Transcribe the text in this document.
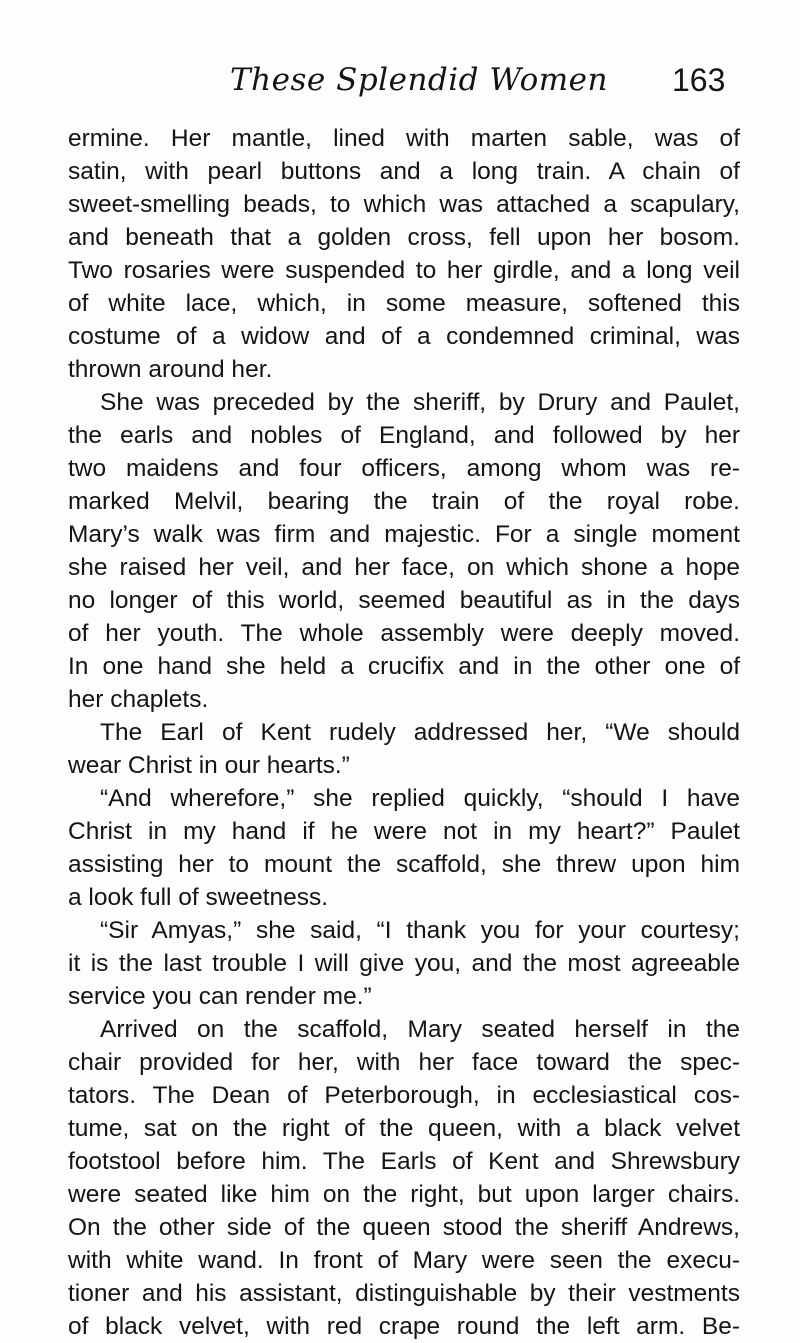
These Splendid Women 163
ermine. Her mantle, lined with marten sable, was of
satin, with pearl buttons and a long train. A chain of
sweet-smelling beads, to which was attached a scapulary,
and beneath that a golden cross, fell upon her bosom.
Two rosaries were suspended to her girdle, and a long veil
of white lace, which, in some measure, softened this
costume of a widow and of a condemned criminal, was
thrown around her.
She was preceded by the sheriff, by Drury and Paulet,
the earls and nobles of England, and followed by her
two maidens and four officers, among whom was re-
marked Melvil, bearing the train of the royal robe.
Mary’s walk was firm and majestic. For a single moment
she raised her veil, and her face, on which shone a hope
no longer of this world, seemed beautiful as in the days
of her youth. The whole assembly were deeply moved.
In one hand she held a crucifix and in the other one of
her chaplets.
The Earl of Kent rudely addressed her, “We should
wear Christ in our hearts.”
“And wherefore,” she replied quickly, “should I have
Christ in my hand if he were not in my heart?” Paulet
assisting her to mount the scaffold, she threw upon him
a look full of sweetness.
“Sir Amyas,” she said, “I thank you for your courtesy;
it is the last trouble I will give you, and the most agreeable
service you can render me.”
Arrived on the scaffold, Mary seated herself in the
chair provided for her, with her face toward the spec-
tators. The Dean of Peterborough, in ecclesiastical cos-
tume, sat on the right of the queen, with a black velvet
footstool before him. The Earls of Kent and Shrewsbury
were seated like him on the right, but upon larger chairs.
On the other side of the queen stood the sheriff Andrews,
with white wand. In front of Mary were seen the execu-
tioner and his assistant, distinguishable by their vestments
of black velvet, with red crape round the left arm. Be-
